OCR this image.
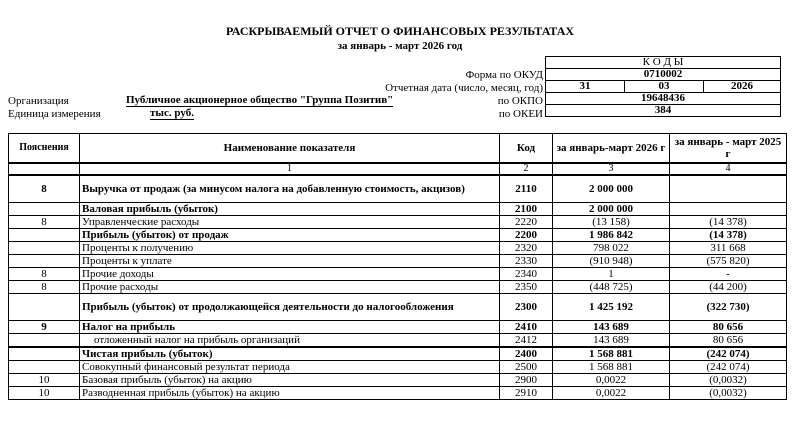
РАСКРЫВАЕМЫЙ ОТЧЕТ О ФИНАНСОВЫХ РЕЗУЛЬТАТАХ
за январь - март 2026 год
Форма по ОКУД
Отчетная дата (число, месяц, год)
Организация	Публичное акционерное общество "Группа Позитив"	по ОКПО
Единица измерения	тыс. руб.	по ОКЕИ
К О Д Ы
0710002
31	03	2026
19648436
384
Пояснения	Наименование показателя	Код	за январь-март 2026 г	за январь - март 2025 г
	1	2	3	4
8	Выручка от продаж (за минусом налога на добавленную стоимость, акцизов)	2110	2 000 000	
	Валовая прибыль (убыток)	2100	2 000 000	
8	Управленческие расходы	2220	(13 158)	(14 378)
	Прибыль (убыток) от продаж	2200	1 986 842	(14 378)
	Проценты к получению	2320	798 022	311 668
	Проценты к уплате	2330	(910 948)	(575 820)
8	Прочие доходы	2340	1	-
8	Прочие расходы	2350	(448 725)	(44 200)
	Прибыль (убыток) от продолжающейся деятельности до налогообложения	2300	1 425 192	(322 730)
9	Налог на прибыль	2410	143 689	80 656
	отложенный налог на прибыль организаций	2412	143 689	80 656
	Чистая прибыль (убыток)	2400	1 568 881	(242 074)
	Совокупный финансовый результат периода	2500	1 568 881	(242 074)
10	Базовая прибыль (убыток) на акцию	2900	0,0022	(0,0032)
10	Разводненная прибыль (убыток) на акцию	2910	0,0022	(0,0032)
